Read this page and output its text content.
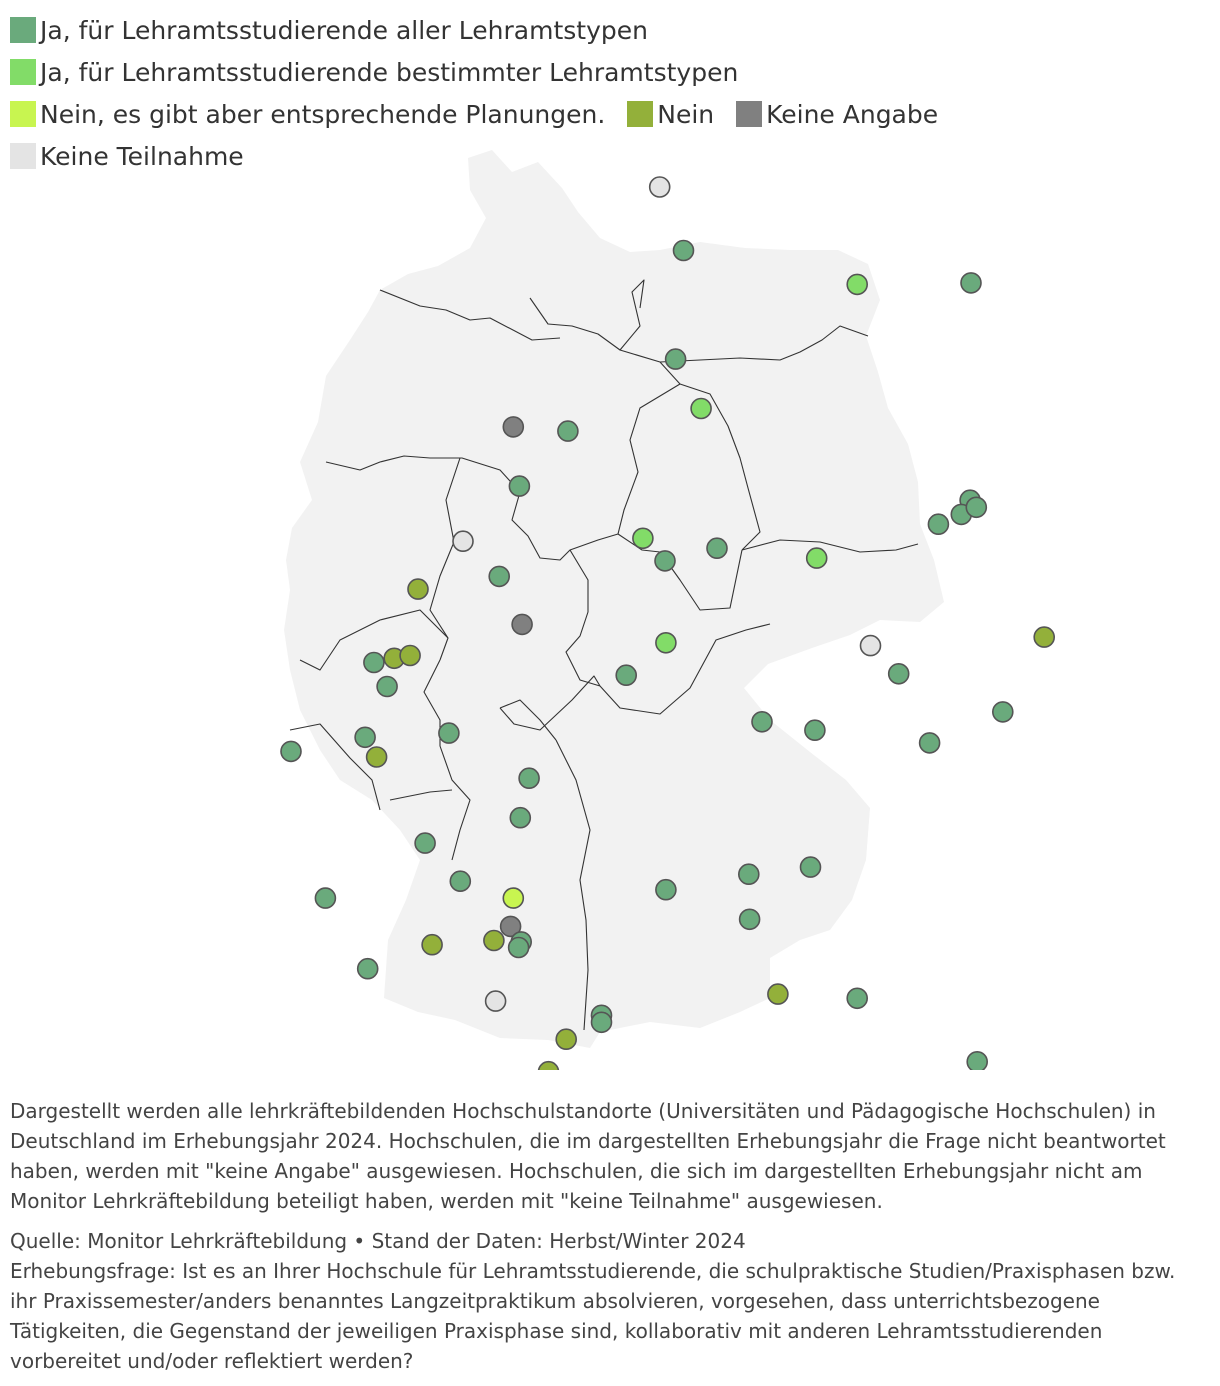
Ja, für Lehramtsstudierende aller Lehramtstypen Ja, für Lehramtsstudierende bestimmter Lehramtstypen Nein, es gibt aber entsprechende Planungen. Nein Keine Angabe Keine Teilnahme

Dargestellt werden alle lehrkräftebildenden Hochschulstandorte (Universitäten und Pädagogische Hochschulen) in Deutschland im Erhebungsjahr 2024. Hochschulen, die im dargestellten Erhebungsjahr die Frage nicht beantwortet haben, werden mit "keine Angabe" ausgewiesen. Hochschulen, die sich im dargestellten Erhebungsjahr nicht am Monitor Lehrkräftebildung beteiligt haben, werden mit "keine Teilnahme" ausgewiesen.

Quelle: Monitor Lehrkräftebildung • Stand der Daten: Herbst/Winter 2024
Erhebungsfrage: Ist es an Ihrer Hochschule für Lehramtsstudierende, die schulpraktische Studien/Praxisphasen bzw. ihr Praxissemester/anders benanntes Langzeitpraktikum absolvieren, vorgesehen, dass unterrichtsbezogene Tätigkeiten, die Gegenstand der jeweiligen Praxisphase sind, kollaborativ mit anderen Lehramtsstudierenden vorbereitet und/oder reflektiert werden?
